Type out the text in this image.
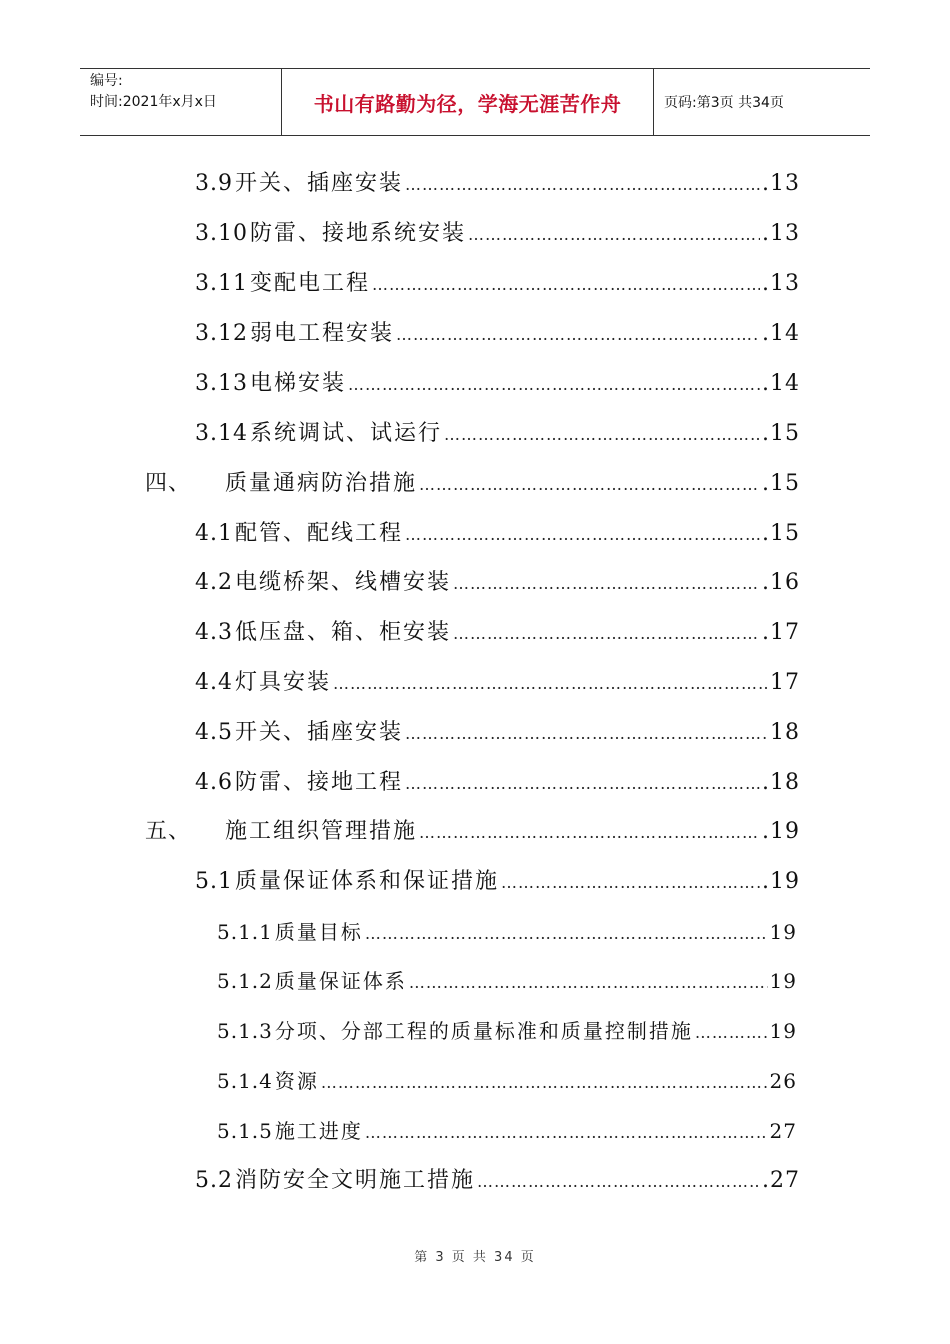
编号:
时间:2021年x月x日	书山有路勤为径，学海无涯苦作舟	页码:第3页 共34页
3.9 开关、插座安装 …………………………………………………………………………………………………………………………	.13
3.10 防雷、接地系统安装 …………………………………………………………………………………………………………………………	.13
3.11 变配电工程 …………………………………………………………………………………………………………………………	.13
3.12 弱电工程安装 …………………………………………………………………………………………………………………………	.14
3.13 电梯安装 …………………………………………………………………………………………………………………………	.14
3.14 系统调试、试运行 …………………………………………………………………………………………………………………………	.15
四、 质量通病防治措施 …………………………………………………………………………………………………………………………	.15
4.1 配管、配线工程 …………………………………………………………………………………………………………………………	.15
4.2 电缆桥架、线槽安装 …………………………………………………………………………………………………………………………	.16
4.3 低压盘、箱、柜安装 …………………………………………………………………………………………………………………………	.17
4.4 灯具安装 …………………………………………………………………………………………………………………………	17
4.5 开关、插座安装 …………………………………………………………………………………………………………………………	18
4.6 防雷、接地工程 …………………………………………………………………………………………………………………………	.18
五、 施工组织管理措施 …………………………………………………………………………………………………………………………	.19
5.1 质量保证体系和保证措施 …………………………………………………………………………………………………………………………	.19
5.1.1 质量目标 …………………………………………………………………………………………………………………………	19
5.1.2 质量保证体系 …………………………………………………………………………………………………………………………	19
5.1.3 分项、分部工程的质量标准和质量控制措施 …………………………………………………………………………………………………………………………	19
5.1.4 资源 …………………………………………………………………………………………………………………………	26
5.1.5 施工进度 …………………………………………………………………………………………………………………………	27
5.2 消防安全文明施工措施 …………………………………………………………………………………………………………………………	.27
第 3 页 共 34 页
